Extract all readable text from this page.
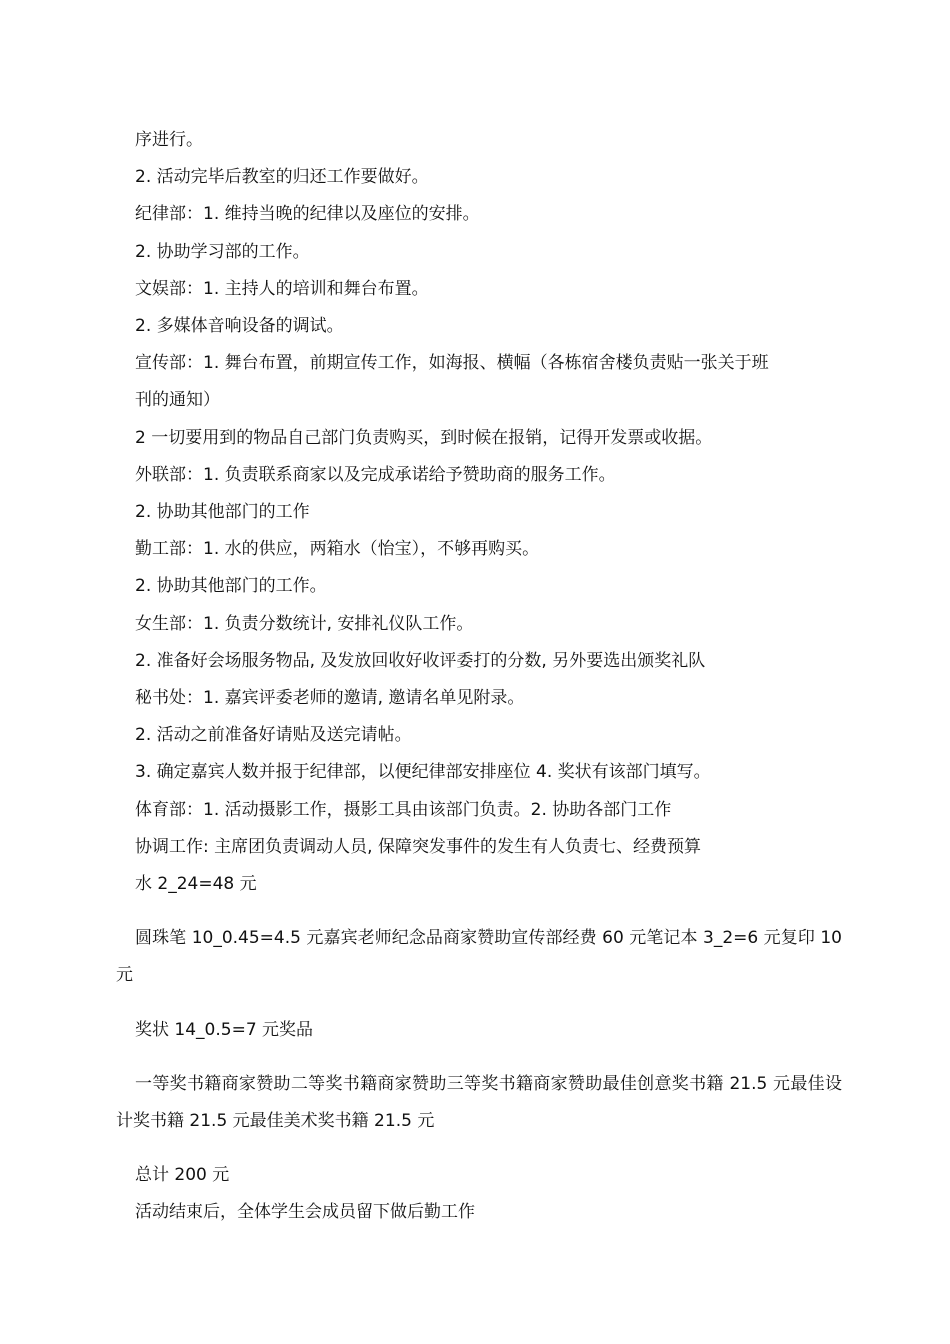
序进行。

2. 活动完毕后教室的归还工作要做好。

纪律部：1. 维持当晚的纪律以及座位的安排。

2. 协助学习部的工作。

文娱部：1. 主持人的培训和舞台布置。

2. 多媒体音响设备的调试。

宣传部：1. 舞台布置，前期宣传工作，如海报、横幅（各栋宿舍楼负责贴一张关于班

刊的通知）

2 一切要用到的物品自己部门负责购买，到时候在报销，记得开发票或收据。

外联部：1. 负责联系商家以及完成承诺给予赞助商的服务工作。

2. 协助其他部门的工作

勤工部：1. 水的供应，两箱水（怡宝），不够再购买。

2. 协助其他部门的工作。

女生部：1. 负责分数统计, 安排礼仪队工作。

2. 准备好会场服务物品, 及发放回收好收评委打的分数, 另外要选出颁奖礼队

秘书处：1. 嘉宾评委老师的邀请, 邀请名单见附录。

2. 活动之前准备好请贴及送完请帖。

3. 确定嘉宾人数并报于纪律部，以便纪律部安排座位 4. 奖状有该部门填写。

体育部：1. 活动摄影工作，摄影工具由该部门负责。2. 协助各部门工作

协调工作: 主席团负责调动人员, 保障突发事件的发生有人负责七、经费预算

水 2_24=48 元

圆珠笔 10_0.45=4.5 元嘉宾老师纪念品商家赞助宣传部经费 60 元笔记本 3_2=6 元复印 10 元

奖状 14_0.5=7 元奖品

一等奖书籍商家赞助二等奖书籍商家赞助三等奖书籍商家赞助最佳创意奖书籍 21.5 元最佳设计奖书籍 21.5 元最佳美术奖书籍 21.5 元

总计 200 元

活动结束后，全体学生会成员留下做后勤工作
